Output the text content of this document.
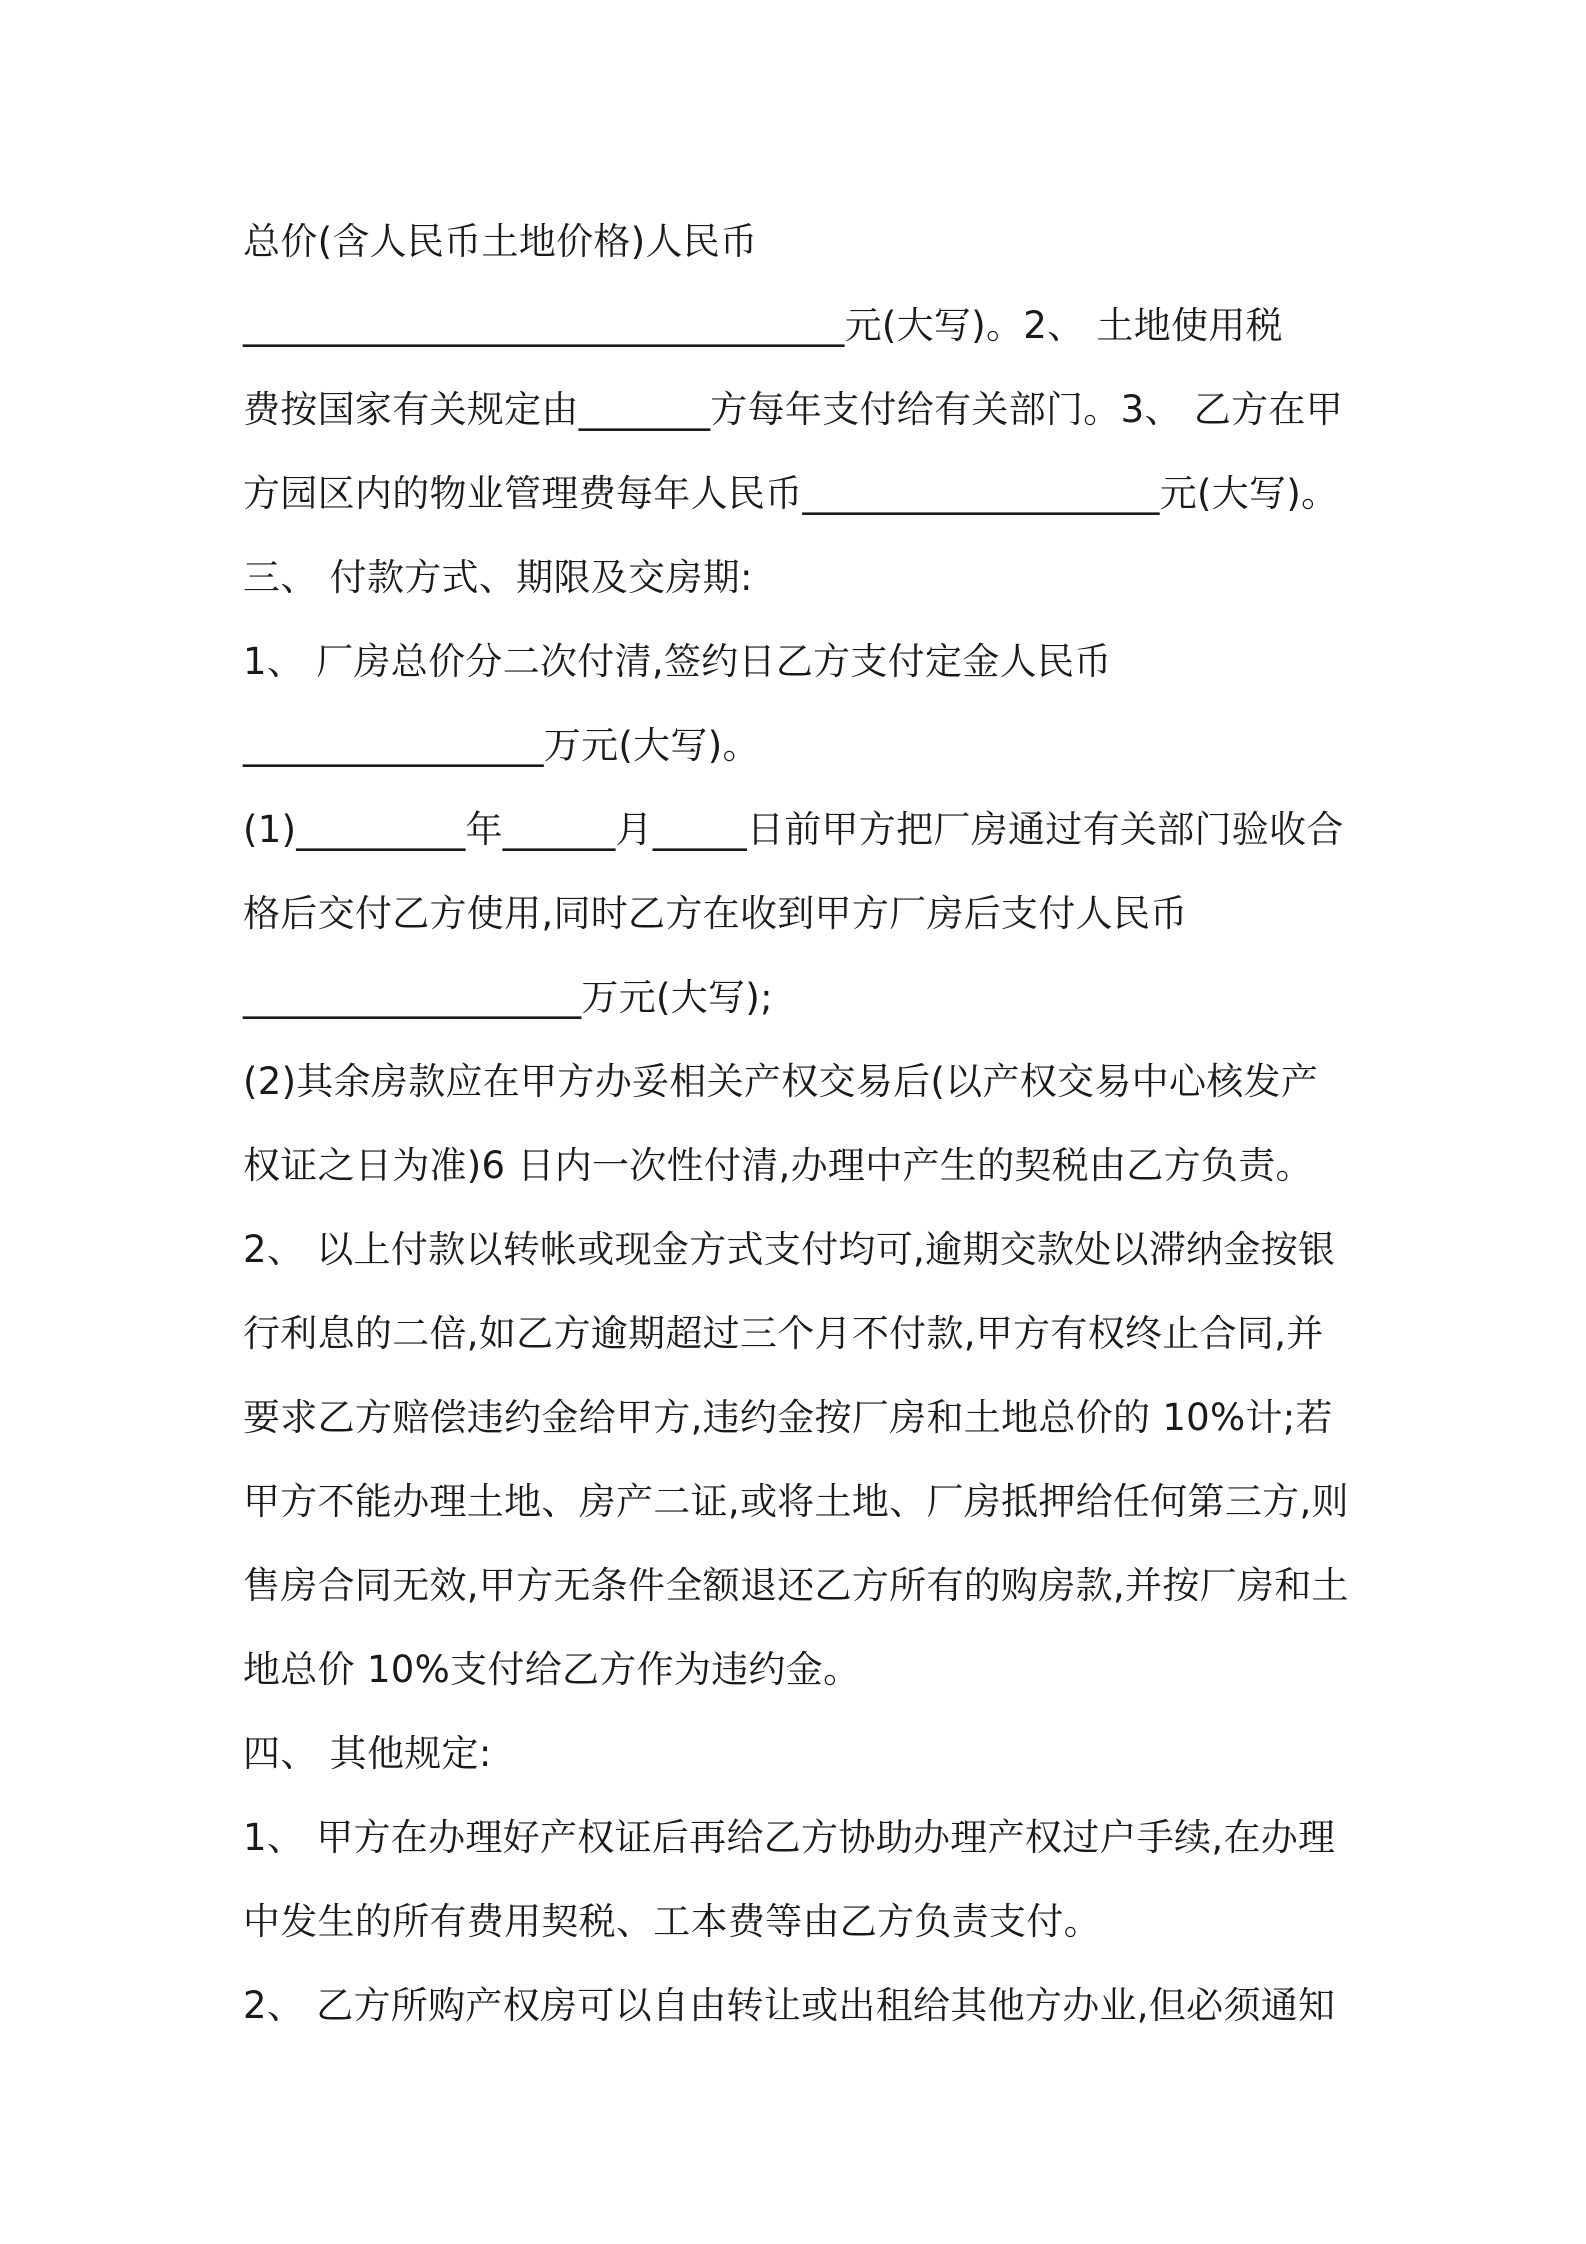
总价(含人民币土地价格)人民币
________________________________元(大写)。2、 土地使用税
费按国家有关规定由_______方每年支付给有关部门。3、 乙方在甲
方园区内的物业管理费每年人民币___________________元(大写)。
三、 付款方式、期限及交房期:
1、 厂房总价分二次付清,签约日乙方支付定金人民币
________________万元(大写)。
(1)_________年______月_____日前甲方把厂房通过有关部门验收合
格后交付乙方使用,同时乙方在收到甲方厂房后支付人民币
__________________万元(大写);
(2)其余房款应在甲方办妥相关产权交易后(以产权交易中心核发产
权证之日为准)6 日内一次性付清,办理中产生的契税由乙方负责。
2、 以上付款以转帐或现金方式支付均可,逾期交款处以滞纳金按银
行利息的二倍,如乙方逾期超过三个月不付款,甲方有权终止合同,并
要求乙方赔偿违约金给甲方,违约金按厂房和土地总价的 10%计;若
甲方不能办理土地、房产二证,或将土地、厂房抵押给任何第三方,则
售房合同无效,甲方无条件全额退还乙方所有的购房款,并按厂房和土
地总价 10%支付给乙方作为违约金。
四、 其他规定:
1、 甲方在办理好产权证后再给乙方协助办理产权过户手续,在办理
中发生的所有费用契税、工本费等由乙方负责支付。
2、 乙方所购产权房可以自由转让或出租给其他方办业,但必须通知
